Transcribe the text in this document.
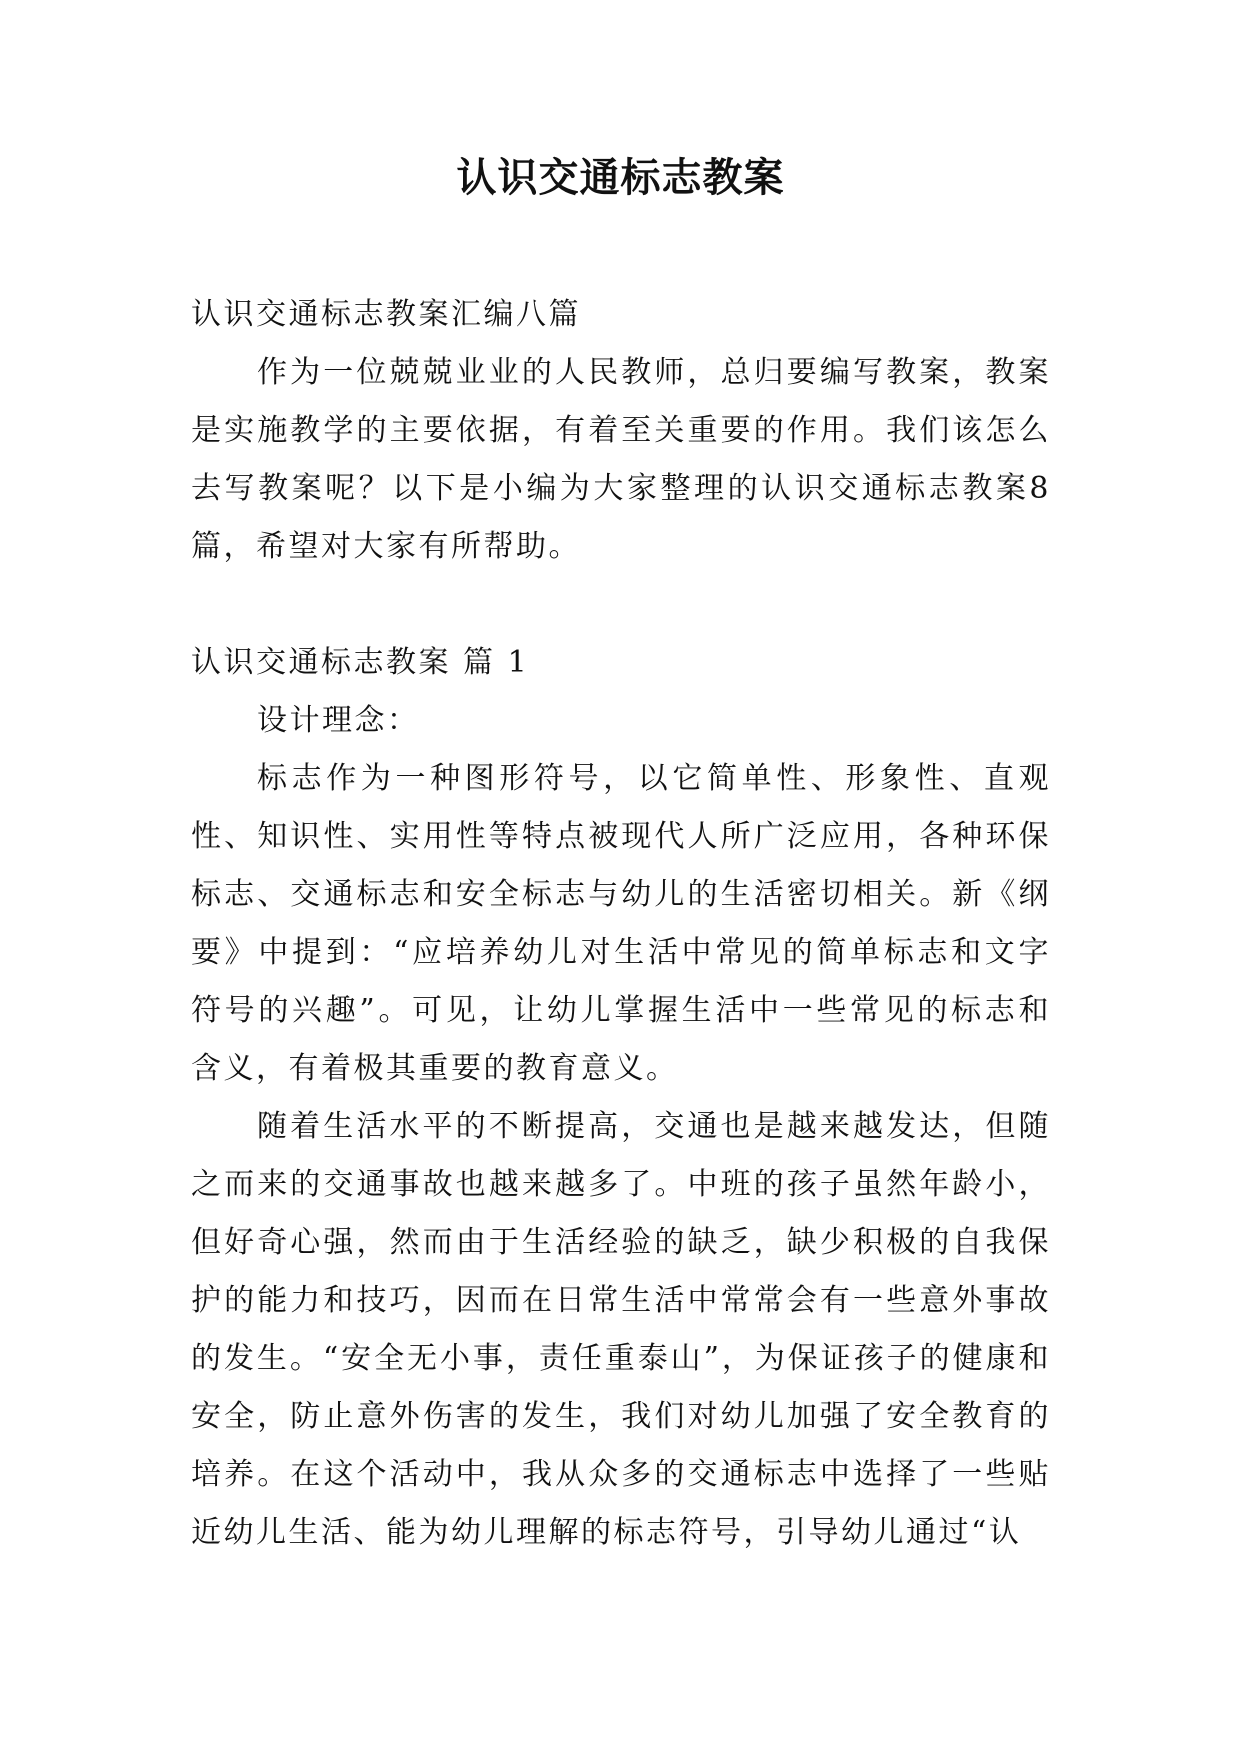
认识交通标志教案

认识交通标志教案汇编八篇

作为一位兢兢业业的人民教师，总归要编写教案，教案是实施教学的主要依据，有着至关重要的作用。我们该怎么去写教案呢？以下是小编为大家整理的认识交通标志教案8篇，希望对大家有所帮助。

认识交通标志教案 篇 1

设计理念：

标志作为一种图形符号，以它简单性、形象性、直观性、知识性、实用性等特点被现代人所广泛应用，各种环保标志、交通标志和安全标志与幼儿的生活密切相关。新《纲要》中提到：“应培养幼儿对生活中常见的简单标志和文字符号的兴趣”。可见，让幼儿掌握生活中一些常见的标志和含义，有着极其重要的教育意义。

随着生活水平的不断提高，交通也是越来越发达，但随之而来的交通事故也越来越多了。中班的孩子虽然年龄小，但好奇心强，然而由于生活经验的缺乏，缺少积极的自我保护的能力和技巧，因而在日常生活中常常会有一些意外事故的发生。“安全无小事，责任重泰山”，为保证孩子的健康和安全，防止意外伤害的发生，我们对幼儿加强了安全教育的培养。在这个活动中，我从众多的交通标志中选择了一些贴近幼儿生活、能为幼儿理解的标志符号，引导幼儿通过“认
